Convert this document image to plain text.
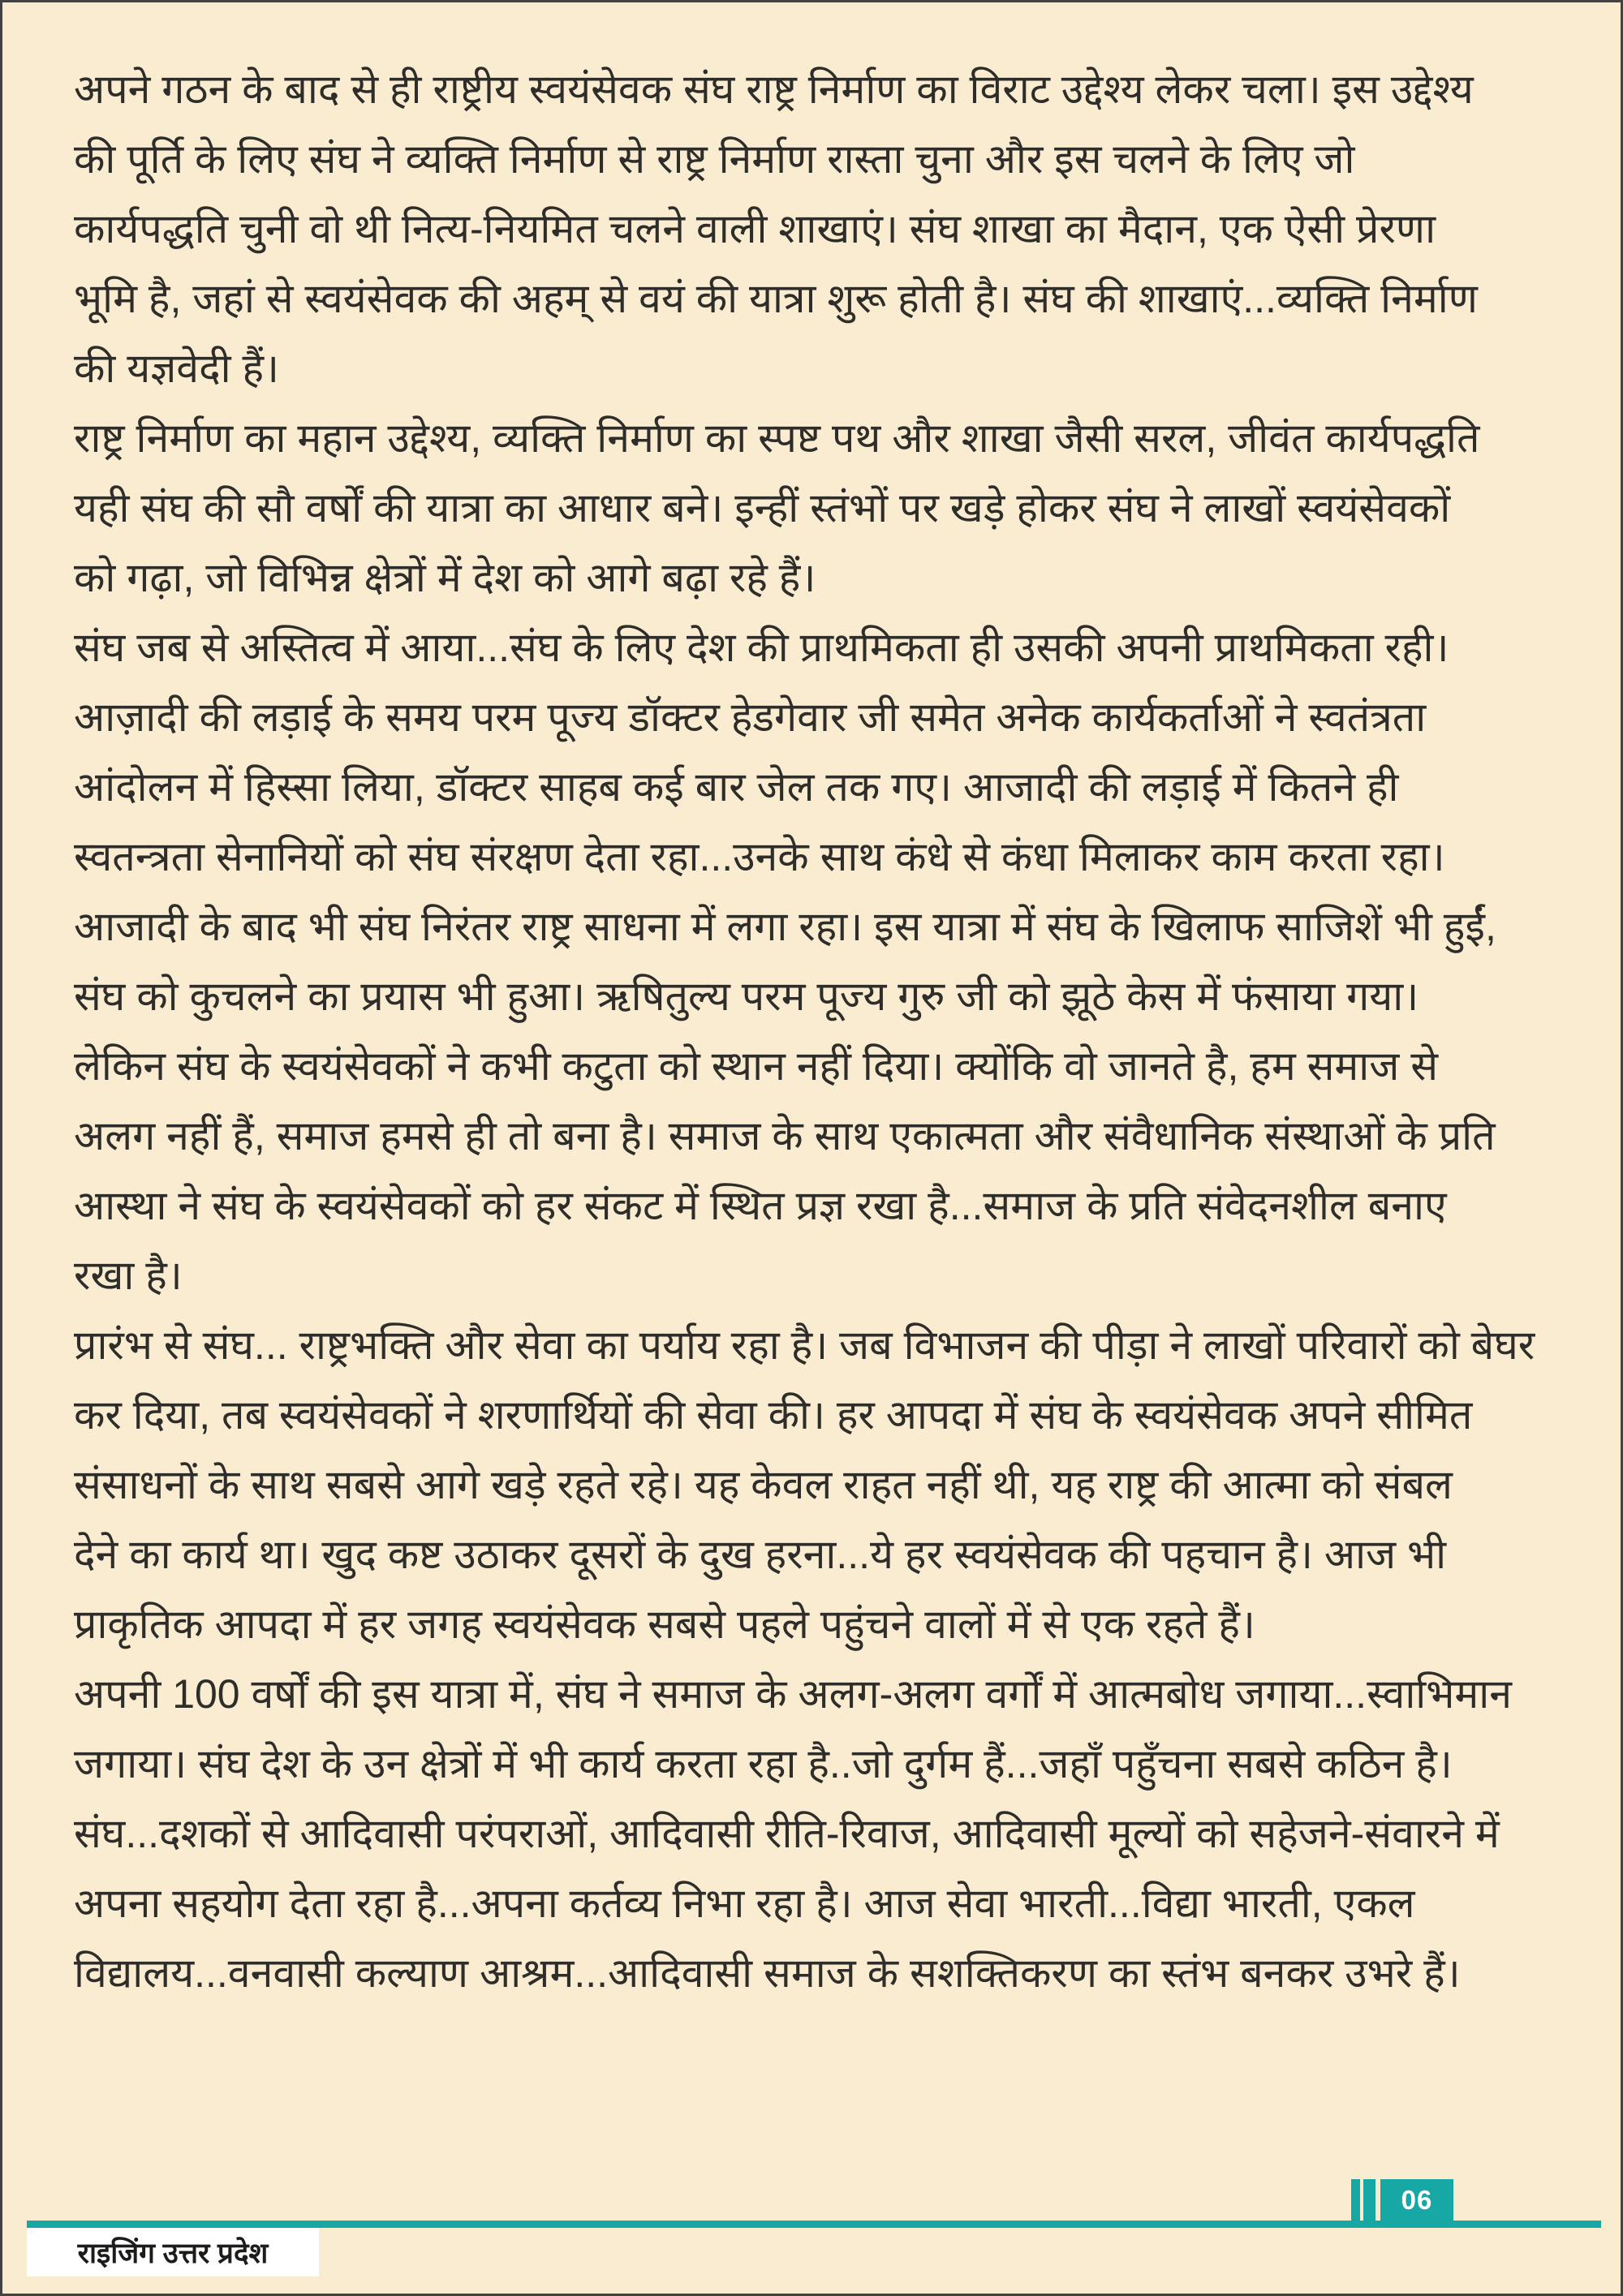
अपने गठन के बाद से ही राष्ट्रीय स्वयंसेवक संघ राष्ट्र निर्माण का विराट उद्देश्य लेकर चला। इस उद्देश्य
की पूर्ति के लिए संघ ने व्यक्ति निर्माण से राष्ट्र निर्माण रास्ता चुना और इस चलने के लिए जो
कार्यपद्धति चुनी वो थी नित्य-नियमित चलने वाली शाखाएं। संघ शाखा का मैदान, एक ऐसी प्रेरणा
भूमि है, जहां से स्वयंसेवक की अहम् से वयं की यात्रा शुरू होती है। संघ की शाखाएं...व्यक्ति निर्माण
की यज्ञवेदी हैं।
राष्ट्र निर्माण का महान उद्देश्य, व्यक्ति निर्माण का स्पष्ट पथ और शाखा जैसी सरल, जीवंत कार्यपद्धति
यही संघ की सौ वर्षों की यात्रा का आधार बने। इन्हीं स्तंभों पर खड़े होकर संघ ने लाखों स्वयंसेवकों
को गढ़ा, जो विभिन्न क्षेत्रों में देश को आगे बढ़ा रहे हैं।
संघ जब से अस्तित्व में आया...संघ के लिए देश की प्राथमिकता ही उसकी अपनी प्राथमिकता रही।
आज़ादी की लड़ाई के समय परम पूज्य डॉक्टर हेडगेवार जी समेत अनेक कार्यकर्ताओं ने स्वतंत्रता
आंदोलन में हिस्सा लिया, डॉक्टर साहब कई बार जेल तक गए। आजादी की लड़ाई में कितने ही
स्वतन्त्रता सेनानियों को संघ संरक्षण देता रहा...उनके साथ कंधे से कंधा मिलाकर काम करता रहा।
आजादी के बाद भी संघ निरंतर राष्ट्र साधना में लगा रहा। इस यात्रा में संघ के खिलाफ साजिशें भी हुईं,
संघ को कुचलने का प्रयास भी हुआ। ऋषितुल्य परम पूज्य गुरु जी को झूठे केस में फंसाया गया।
लेकिन संघ के स्वयंसेवकों ने कभी कटुता को स्थान नहीं दिया। क्योंकि वो जानते है, हम समाज से
अलग नहीं हैं, समाज हमसे ही तो बना है। समाज के साथ एकात्मता और संवैधानिक संस्थाओं के प्रति
आस्था ने संघ के स्वयंसेवकों को हर संकट में स्थित प्रज्ञ रखा है...समाज के प्रति संवेदनशील बनाए
रखा है।
प्रारंभ से संघ... राष्ट्रभक्ति और सेवा का पर्याय रहा है। जब विभाजन की पीड़ा ने लाखों परिवारों को बेघर
कर दिया, तब स्वयंसेवकों ने शरणार्थियों की सेवा की। हर आपदा में संघ के स्वयंसेवक अपने सीमित
संसाधनों के साथ सबसे आगे खड़े रहते रहे। यह केवल राहत नहीं थी, यह राष्ट्र की आत्मा को संबल
देने का कार्य था। खुद कष्ट उठाकर दूसरों के दुख हरना...ये हर स्वयंसेवक की पहचान है। आज भी
प्राकृतिक आपदा में हर जगह स्वयंसेवक सबसे पहले पहुंचने वालों में से एक रहते हैं।
अपनी 100 वर्षों की इस यात्रा में, संघ ने समाज के अलग-अलग वर्गों में आत्मबोध जगाया...स्वाभिमान
जगाया। संघ देश के उन क्षेत्रों में भी कार्य करता रहा है..जो दुर्गम हैं...जहाँ पहुँचना सबसे कठिन है।
संघ...दशकों से आदिवासी परंपराओं, आदिवासी रीति-रिवाज, आदिवासी मूल्यों को सहेजने-संवारने में
अपना सहयोग देता रहा है...अपना कर्तव्य निभा रहा है। आज सेवा भारती...विद्या भारती, एकल
विद्यालय...वनवासी कल्याण आश्रम...आदिवासी समाज के सशक्तिकरण का स्तंभ बनकर उभरे हैं।
06
राइजिंग उत्तर प्रदेश
